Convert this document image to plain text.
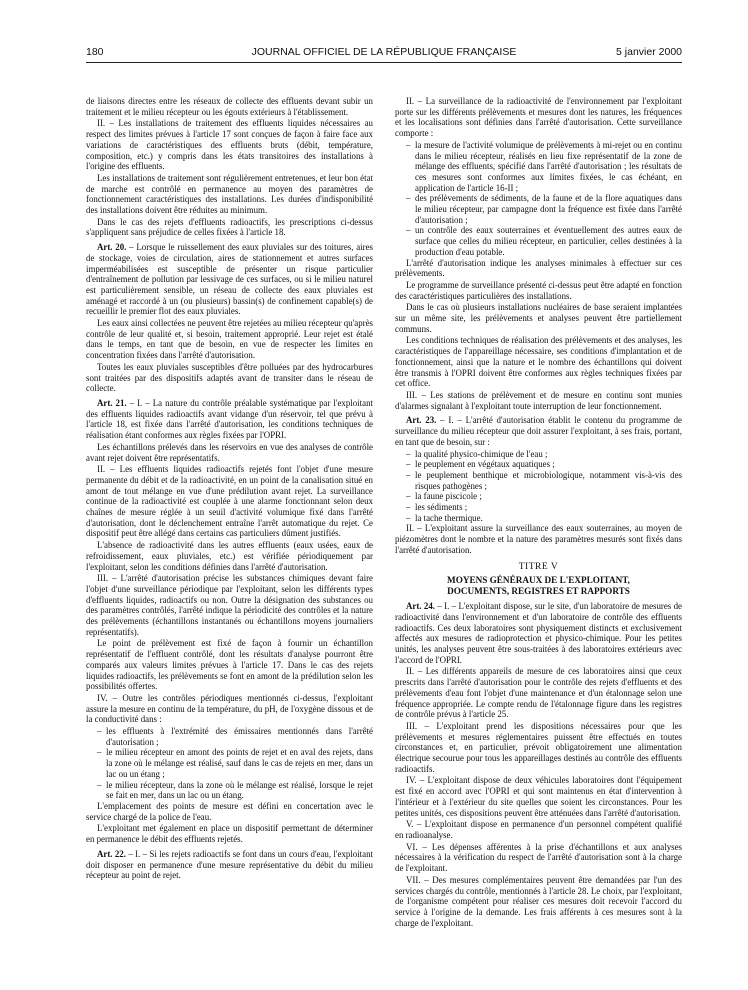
180	JOURNAL OFFICIEL DE LA RÉPUBLIQUE FRANÇAISE	5 janvier 2000

de liaisons directes entre les réseaux de collecte des effluents devant subir un traitement et le milieu récepteur ou les égouts extérieurs à l'établissement.

II. – Les installations de traitement des effluents liquides nécessaires au respect des limites prévues à l'article 17 sont conçues de façon à faire face aux variations de caractéristiques des effluents bruts (débit, température, composition, etc.) y compris dans les états transitoires des installations à l'origine des effluents.

Les installations de traitement sont régulièrement entretenues, et leur bon état de marche est contrôlé en permanence au moyen des paramètres de fonctionnement caractéristiques des installations. Les durées d'indisponibilité des installations doivent être réduites au minimum.

Dans le cas des rejets d'effluents radioactifs, les prescriptions ci-dessus s'appliquent sans préjudice de celles fixées à l'article 18.

Art. 20. – Lorsque le ruissellement des eaux pluviales sur des toitures, aires de stockage, voies de circulation, aires de stationnement et autres surfaces imperméabilisées est susceptible de présenter un risque particulier d'entraînement de pollution par lessivage de ces surfaces, ou si le milieu naturel est particulièrement sensible, un réseau de collecte des eaux pluviales est aménagé et raccordé à un (ou plusieurs) bassin(s) de confinement capable(s) de recueillir le premier flot des eaux pluviales.

Les eaux ainsi collectées ne peuvent être rejetées au milieu récepteur qu'après contrôle de leur qualité et, si besoin, traitement approprié. Leur rejet est étalé dans le temps, en tant que de besoin, en vue de respecter les limites en concentration fixées dans l'arrêté d'autorisation.

Toutes les eaux pluviales susceptibles d'être polluées par des hydrocarbures sont traitées par des dispositifs adaptés avant de transiter dans le réseau de collecte.

Art. 21. – I. – La nature du contrôle préalable systématique par l'exploitant des effluents liquides radioactifs avant vidange d'un réservoir, tel que prévu à l'article 18, est fixée dans l'arrêté d'autorisation, les conditions techniques de réalisation étant conformes aux règles fixées par l'OPRI.

Les échantillons prélevés dans les réservoirs en vue des analyses de contrôle avant rejet doivent être représentatifs.

II. – Les effluents liquides radioactifs rejetés font l'objet d'une mesure permanente du débit et de la radioactivité, en un point de la canalisation situé en amont de tout mélange en vue d'une prédilution avant rejet. La surveillance continue de la radioactivité est couplée à une alarme fonctionnant selon deux chaînes de mesure réglée à un seuil d'activité volumique fixé dans l'arrêté d'autorisation, dont le déclenchement entraîne l'arrêt automatique du rejet. Ce dispositif peut être allégé dans certains cas particuliers dûment justifiés.

L'absence de radioactivité dans les autres effluents (eaux usées, eaux de refroidissement, eaux pluviales, etc.) est vérifiée périodiquement par l'exploitant, selon les conditions définies dans l'arrêté d'autorisation.

III. – L'arrêté d'autorisation précise les substances chimiques devant faire l'objet d'une surveillance périodique par l'exploitant, selon les différents types d'effluents liquides, radioactifs ou non. Outre la désignation des substances ou des paramètres contrôlés, l'arrêté indique la périodicité des contrôles et la nature des prélèvements (échantillons instantanés ou échantillons moyens journaliers représentatifs).

Le point de prélèvement est fixé de façon à fournir un échantillon représentatif de l'effluent contrôlé, dont les résultats d'analyse pourront être comparés aux valeurs limites prévues à l'article 17. Dans le cas des rejets liquides radioactifs, les prélèvements se font en amont de la prédilution selon les possibilités offertes.

IV. – Outre les contrôles périodiques mentionnés ci-dessus, l'exploitant assure la mesure en continu de la température, du pH, de l'oxygène dissous et de la conductivité dans :

– les effluents à l'extrémité des émissaires mentionnés dans l'arrêté d'autorisation ;
– le milieu récepteur en amont des points de rejet et en aval des rejets, dans la zone où le mélange est réalisé, sauf dans le cas de rejets en mer, dans un lac ou un étang ;
– le milieu récepteur, dans la zone où le mélange est réalisé, lorsque le rejet se fait en mer, dans un lac ou un étang.

L'emplacement des points de mesure est défini en concertation avec le service chargé de la police de l'eau.

L'exploitant met également en place un dispositif permettant de déterminer en permanence le débit des effluents rejetés.

Art. 22. – I. – Si les rejets radioactifs se font dans un cours d'eau, l'exploitant doit disposer en permanence d'une mesure représentative du débit du milieu récepteur au point de rejet.

II. – La surveillance de la radioactivité de l'environnement par l'exploitant porte sur les différents prélèvements et mesures dont les natures, les fréquences et les localisations sont définies dans l'arrêté d'autorisation. Cette surveillance comporte :

– la mesure de l'activité volumique de prélèvements à mi-rejet ou en continu dans le milieu récepteur, réalisés en lieu fixe représentatif de la zone de mélange des effluents, spécifié dans l'arrêté d'autorisation ; les résultats de ces mesures sont conformes aux limites fixées, le cas échéant, en application de l'article 16-II ;
– des prélèvements de sédiments, de la faune et de la flore aquatiques dans le milieu récepteur, par campagne dont la fréquence est fixée dans l'arrêté d'autorisation ;
– un contrôle des eaux souterraines et éventuellement des autres eaux de surface que celles du milieu récepteur, en particulier, celles destinées à la production d'eau potable.

L'arrêté d'autorisation indique les analyses minimales à effectuer sur ces prélèvements.

Le programme de surveillance présenté ci-dessus peut être adapté en fonction des caractéristiques particulières des installations.

Dans le cas où plusieurs installations nucléaires de base seraient implantées sur un même site, les prélèvements et analyses peuvent être partiellement communs.

Les conditions techniques de réalisation des prélèvements et des analyses, les caractéristiques de l'appareillage nécessaire, ses conditions d'implantation et de fonctionnement, ainsi que la nature et le nombre des échantillons qui doivent être transmis à l'OPRI doivent être conformes aux règles techniques fixées par cet office.

III. – Les stations de prélèvement et de mesure en continu sont munies d'alarmes signalant à l'exploitant toute interruption de leur fonctionnement.

Art. 23. – I. – L'arrêté d'autorisation établit le contenu du programme de surveillance du milieu récepteur que doit assurer l'exploitant, à ses frais, portant, en tant que de besoin, sur :

– la qualité physico-chimique de l'eau ;
– le peuplement en végétaux aquatiques ;
– le peuplement benthique et microbiologique, notamment vis-à-vis des risques pathogènes ;
– la faune piscicole ;
– les sédiments ;
– la tache thermique.

II. – L'exploitant assure la surveillance des eaux souterraines, au moyen de piézomètres dont le nombre et la nature des paramètres mesurés sont fixés dans l'arrêté d'autorisation.

TITRE V
MOYENS GÉNÉRAUX DE L'EXPLOITANT,
DOCUMENTS, REGISTRES ET RAPPORTS

Art. 24. – I. – L'exploitant dispose, sur le site, d'un laboratoire de mesures de radioactivité dans l'environnement et d'un laboratoire de contrôle des effluents radioactifs. Ces deux laboratoires sont physiquement distincts et exclusivement affectés aux mesures de radioprotection et physico-chimique. Pour les petites unités, les analyses peuvent être sous-traitées à des laboratoires extérieurs avec l'accord de l'OPRI.

II. – Les différents appareils de mesure de ces laboratoires ainsi que ceux prescrits dans l'arrêté d'autorisation pour le contrôle des rejets d'effluents et des prélèvements d'eau font l'objet d'une maintenance et d'un étalonnage selon une fréquence appropriée. Le compte rendu de l'étalonnage figure dans les registres de contrôle prévus à l'article 25.

III. – L'exploitant prend les dispositions nécessaires pour que les prélèvements et mesures réglementaires puissent être effectués en toutes circonstances et, en particulier, prévoit obligatoirement une alimentation électrique secourue pour tous les appareillages destinés au contrôle des effluents radioactifs.

IV. – L'exploitant dispose de deux véhicules laboratoires dont l'équipement est fixé en accord avec l'OPRI et qui sont maintenus en état d'intervention à l'intérieur et à l'extérieur du site quelles que soient les circonstances. Pour les petites unités, ces dispositions peuvent être atténuées dans l'arrêté d'autorisation.

V. – L'exploitant dispose en permanence d'un personnel compétent qualifié en radioanalyse.

VI. – Les dépenses afférentes à la prise d'échantillons et aux analyses nécessaires à la vérification du respect de l'arrêté d'autorisation sont à la charge de l'exploitant.

VII. – Des mesures complémentaires peuvent être demandées par l'un des services chargés du contrôle, mentionnés à l'article 28. Le choix, par l'exploitant, de l'organisme compétent pour réaliser ces mesures doit recevoir l'accord du service à l'origine de la demande. Les frais afférents à ces mesures sont à la charge de l'exploitant.
